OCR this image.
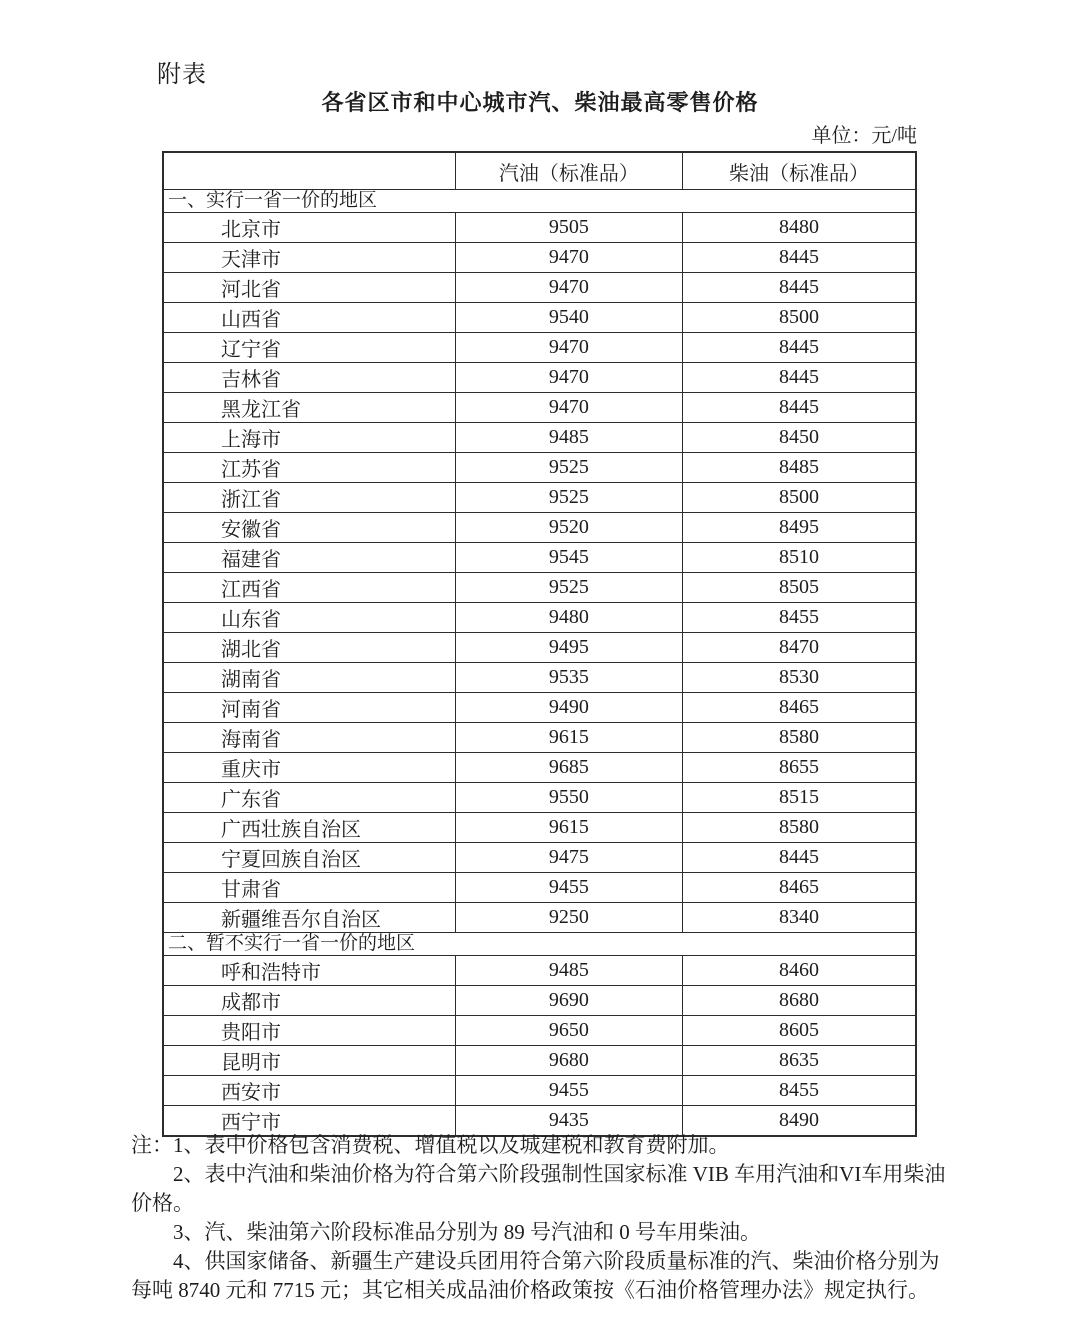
附表
各省区市和中心城市汽、柴油最高零售价格
单位：元/吨
	汽油（标准品）	柴油（标准品）
一、实行一省一价的地区		
北京市	9505	8480
天津市	9470	8445
河北省	9470	8445
山西省	9540	8500
辽宁省	9470	8445
吉林省	9470	8445
黑龙江省	9470	8445
上海市	9485	8450
江苏省	9525	8485
浙江省	9525	8500
安徽省	9520	8495
福建省	9545	8510
江西省	9525	8505
山东省	9480	8455
湖北省	9495	8470
湖南省	9535	8530
河南省	9490	8465
海南省	9615	8580
重庆市	9685	8655
广东省	9550	8515
广西壮族自治区	9615	8580
宁夏回族自治区	9475	8445
甘肃省	9455	8465
新疆维吾尔自治区	9250	8340
二、暂不实行一省一价的地区		
呼和浩特市	9485	8460
成都市	9690	8680
贵阳市	9650	8605
昆明市	9680	8635
西安市	9455	8455
西宁市	9435	8490

注：1、表中价格包含消费税、增值税以及城建税和教育费附加。

2、表中汽油和柴油价格为符合第六阶段强制性国家标准 VIB 车用汽油和VI车用柴油价格。

3、汽、柴油第六阶段标准品分别为 89 号汽油和 0 号车用柴油。

4、供国家储备、新疆生产建设兵团用符合第六阶段质量标准的汽、柴油价格分别为每吨 8740 元和 7715 元；其它相关成品油价格政策按《石油价格管理办法》规定执行。
